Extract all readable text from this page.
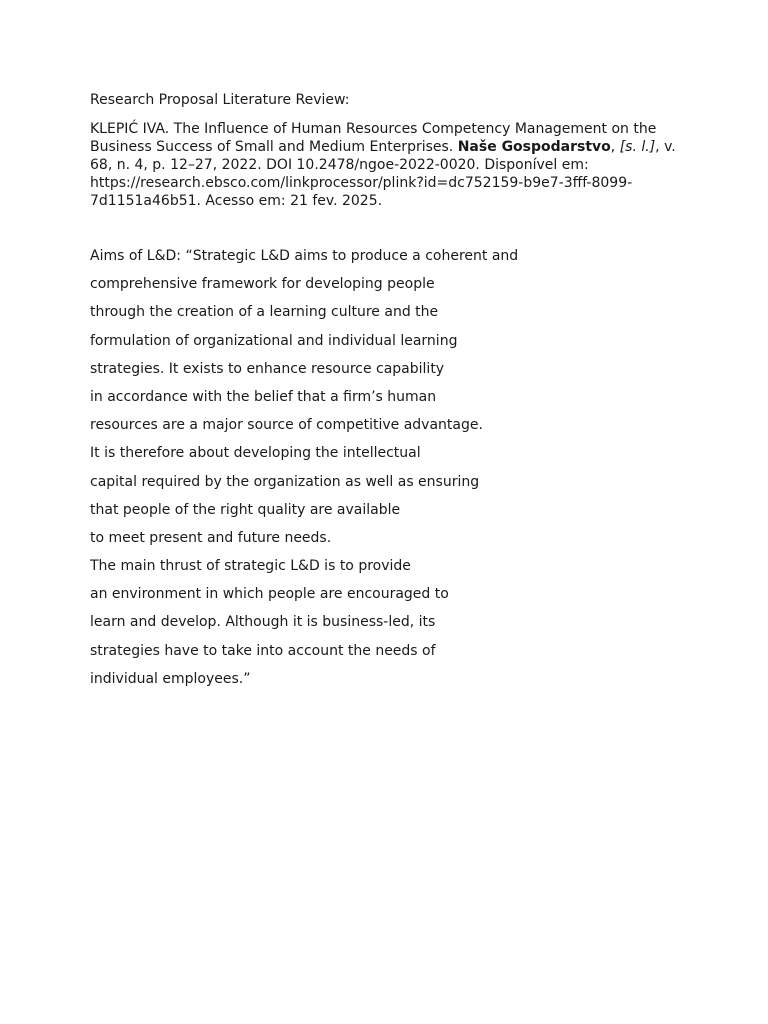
Research Proposal Literature Review:
KLEPIĆ IVA. The Influence of Human Resources Competency Management on the
Business Success of Small and Medium Enterprises. Naše Gospodarstvo, [s. l.], v.
68, n. 4, p. 12–27, 2022. DOI 10.2478/ngoe-2022-0020. Disponível em:
https://research.ebsco.com/linkprocessor/plink?id=dc752159-b9e7-3fff-8099-
7d1151a46b51. Acesso em: 21 fev. 2025.
Aims of L&D: “Strategic L&D aims to produce a coherent and
comprehensive framework for developing people
through the creation of a learning culture and the
formulation of organizational and individual learning
strategies. It exists to enhance resource capability
in accordance with the belief that a firm’s human
resources are a major source of competitive advantage.
It is therefore about developing the intellectual
capital required by the organization as well as ensuring
that people of the right quality are available
to meet present and future needs.
The main thrust of strategic L&D is to provide
an environment in which people are encouraged to
learn and develop. Although it is business-led, its
strategies have to take into account the needs of
individual employees.”
